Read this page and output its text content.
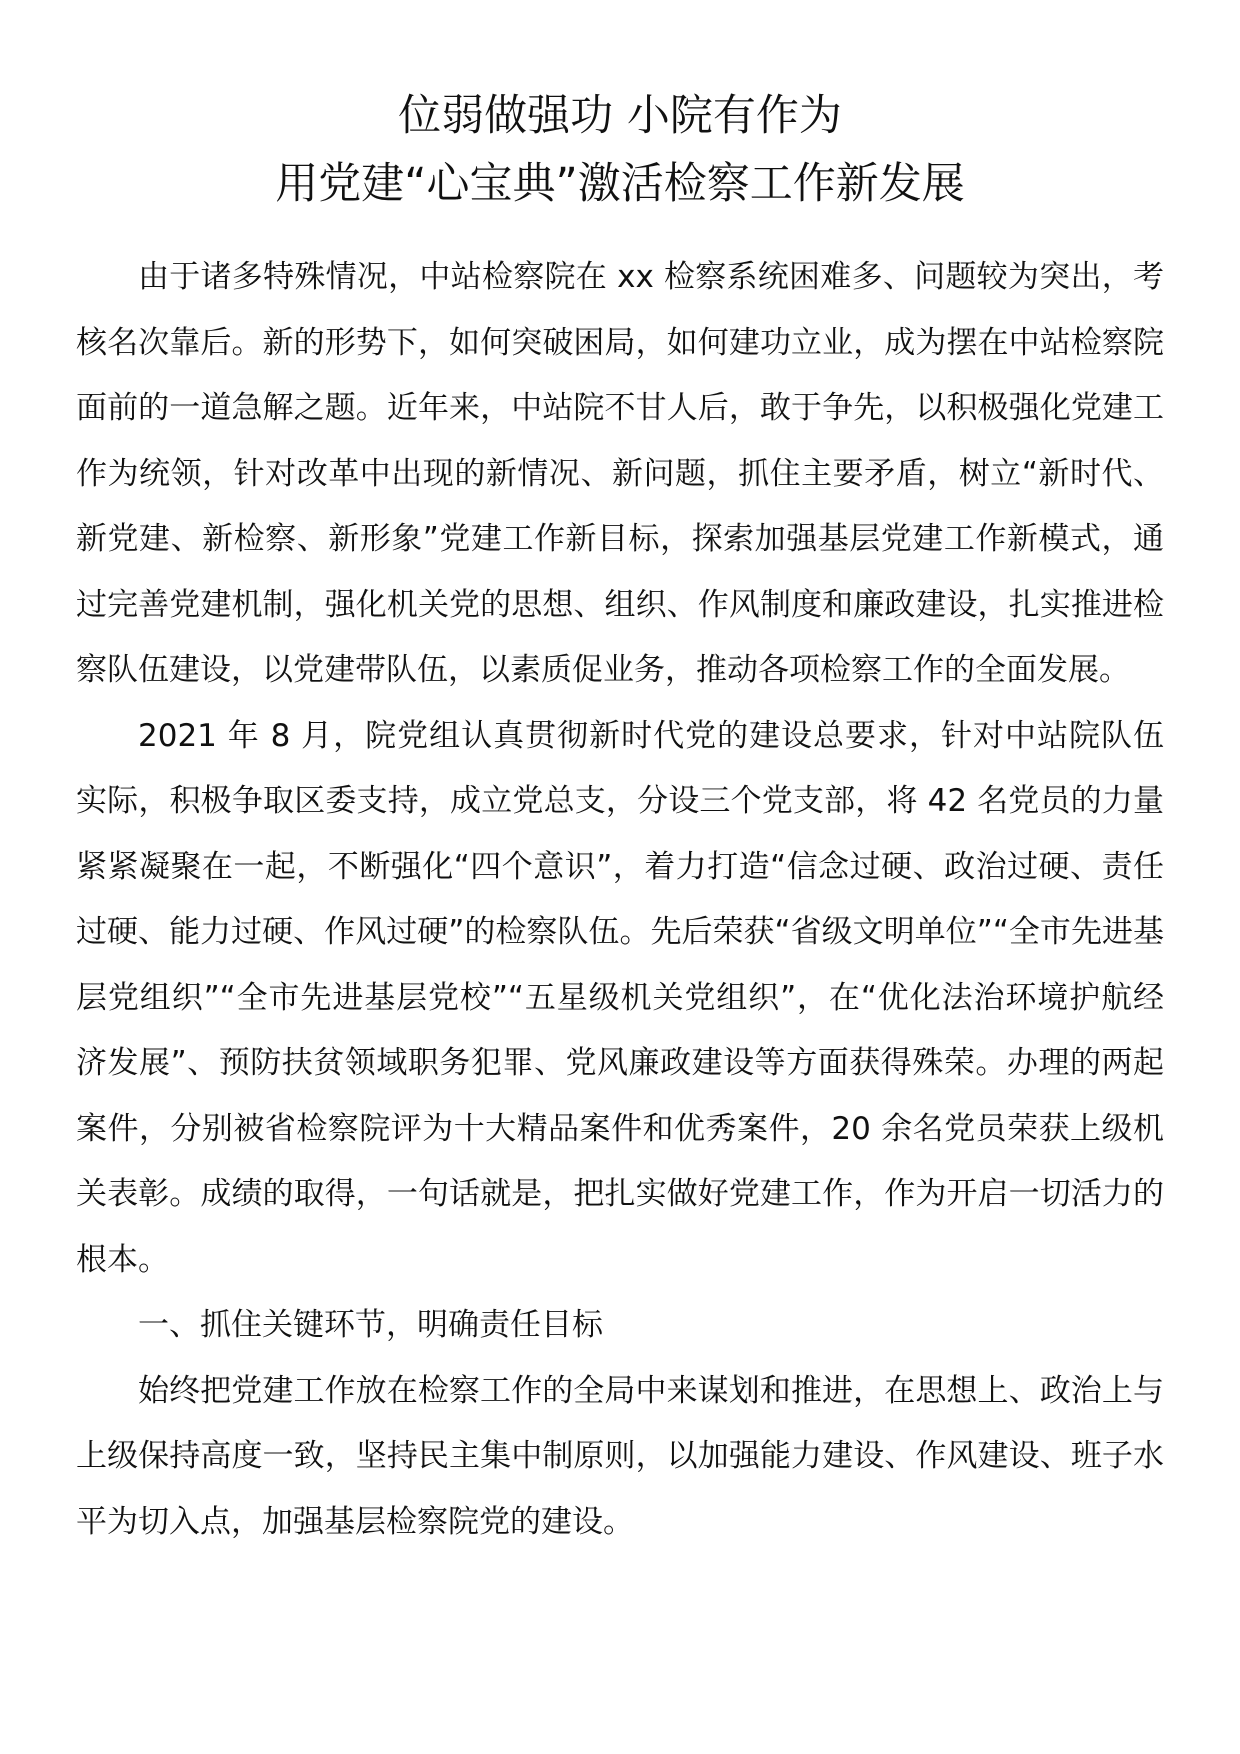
位弱做强功 小院有作为
用党建“心宝典”激活检察工作新发展

由于诸多特殊情况，中站检察院在 xx 检察系统困难多、问题较为突出，考核名次靠后。新的形势下，如何突破困局，如何建功立业，成为摆在中站检察院面前的一道急解之题。近年来，中站院不甘人后，敢于争先，以积极强化党建工作为统领，针对改革中出现的新情况、新问题，抓住主要矛盾，树立“新时代、新党建、新检察、新形象”党建工作新目标，探索加强基层党建工作新模式，通过完善党建机制，强化机关党的思想、组织、作风制度和廉政建设，扎实推进检察队伍建设，以党建带队伍，以素质促业务，推动各项检察工作的全面发展。

2021 年 8 月，院党组认真贯彻新时代党的建设总要求，针对中站院队伍实际，积极争取区委支持，成立党总支，分设三个党支部，将 42 名党员的力量紧紧凝聚在一起，不断强化“四个意识”，着力打造“信念过硬、政治过硬、责任过硬、能力过硬、作风过硬”的检察队伍。先后荣获“省级文明单位”“全市先进基层党组织”“全市先进基层党校”“五星级机关党组织”，在“优化法治环境护航经济发展”、预防扶贫领域职务犯罪、党风廉政建设等方面获得殊荣。办理的两起案件，分别被省检察院评为十大精品案件和优秀案件，20 余名党员荣获上级机关表彰。成绩的取得，一句话就是，把扎实做好党建工作，作为开启一切活力的根本。

一、抓住关键环节，明确责任目标

始终把党建工作放在检察工作的全局中来谋划和推进，在思想上、政治上与上级保持高度一致，坚持民主集中制原则，以加强能力建设、作风建设、班子水平为切入点，加强基层检察院党的建设。
